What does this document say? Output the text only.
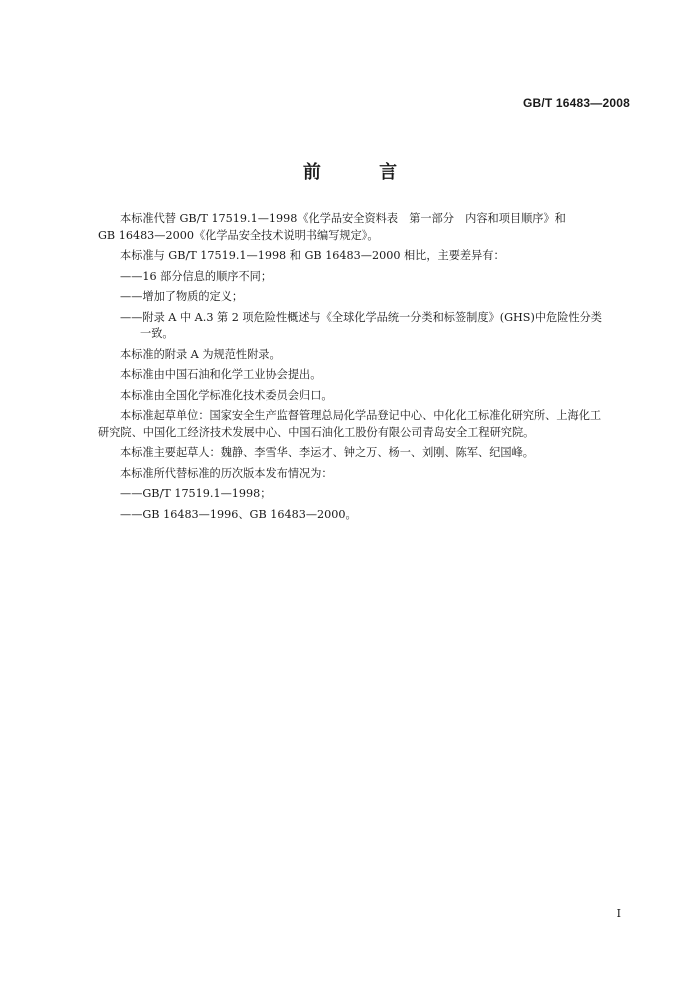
GB/T 16483—2008
前 言

本标准代替 GB/T 17519.1—1998《化学品安全资料表　第一部分　内容和项目顺序》和
GB 16483—2000《化学品安全技术说明书编写规定》。

本标准与 GB/T 17519.1—1998 和 GB 16483—2000 相比，主要差异有：

——16 部分信息的顺序不同；

——增加了物质的定义；

——附录 A 中 A.3 第 2 项危险性概述与《全球化学品统一分类和标签制度》(GHS)中危险性分类
一致。

本标准的附录 A 为规范性附录。

本标准由中国石油和化学工业协会提出。

本标准由全国化学标准化技术委员会归口。

本标准起草单位：国家安全生产监督管理总局化学品登记中心、中化化工标准化研究所、上海化工
研究院、中国化工经济技术发展中心、中国石油化工股份有限公司青岛安全工程研究院。

本标准主要起草人：魏静、李雪华、李运才、钟之万、杨一、刘刚、陈军、纪国峰。

本标准所代替标准的历次版本发布情况为：

——GB/T 17519.1—1998；

——GB 16483—1996、GB 16483—2000。

I
